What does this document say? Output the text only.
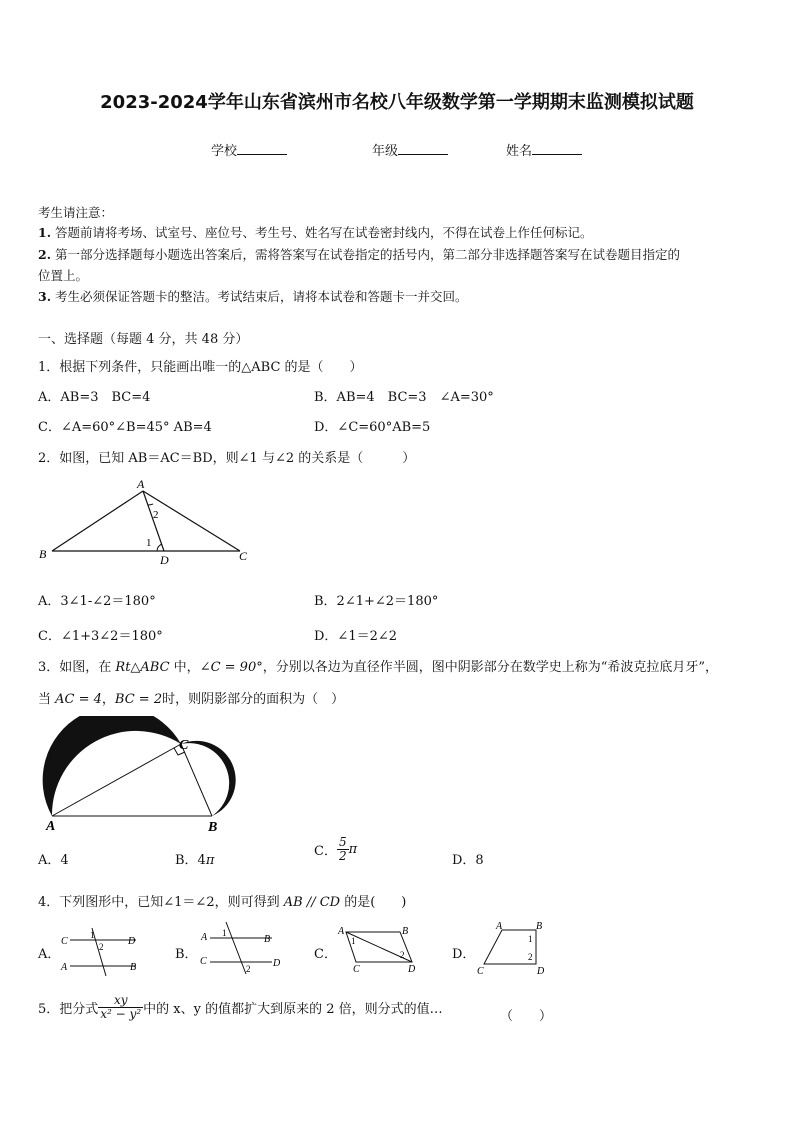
2023-2024学年山东省滨州市名校八年级数学第一学期期末监测模拟试题
学校	年级	姓名
考生请注意：
1. 答题前请将考场、试室号、座位号、考生号、姓名写在试卷密封线内，不得在试卷上作任何标记。
2. 第一部分选择题每小题选出答案后，需将答案写在试卷指定的括号内，第二部分非选择题答案写在试卷题目指定的
位置上。
3. 考生必须保证答题卡的整洁。考试结束后，请将本试卷和答题卡一并交回。
一、选择题（每题 4 分，共 48 分）
1．根据下列条件，只能画出唯一的△ABC 的是（　　）
A．AB=3　BC=4	B．AB=4　BC=3　∠A=30°
C．∠A=60°∠B=45° AB=4	D．∠C=60°AB=5
2．如图，已知 AB＝AC＝BD，则∠1 与∠2 的关系是（　　　）
A
B	C
D
1
2
A．3∠1-∠2＝180°	B．2∠1+∠2＝180°
C．∠1+3∠2＝180°	D．∠1＝2∠2
3．如图，在 Rt△ABC 中，∠C = 90°，分别以各边为直径作半圆，图中阴影部分在数学史上称为“希波克拉底月牙”，
当 AC = 4，BC = 2时，则阴影部分的面积为（　）
A	B
C
A．4	B．4π
C． $\frac{5}{2}$ π
D．8
4．下列图形中，已知∠1＝∠2，则可得到 AB // CD 的是(　　)
A．
C	D
A	B
1
2	B．
A	B
C	D
1
2
C．
A	B
C	D
1
2	D．
A	B
C	D
1
2
5．把分式 $\frac{xy}{\text{x² − y²}}$ 中的 x、y 的值都扩大到原来的 2 倍，则分式的值…	（　　）
